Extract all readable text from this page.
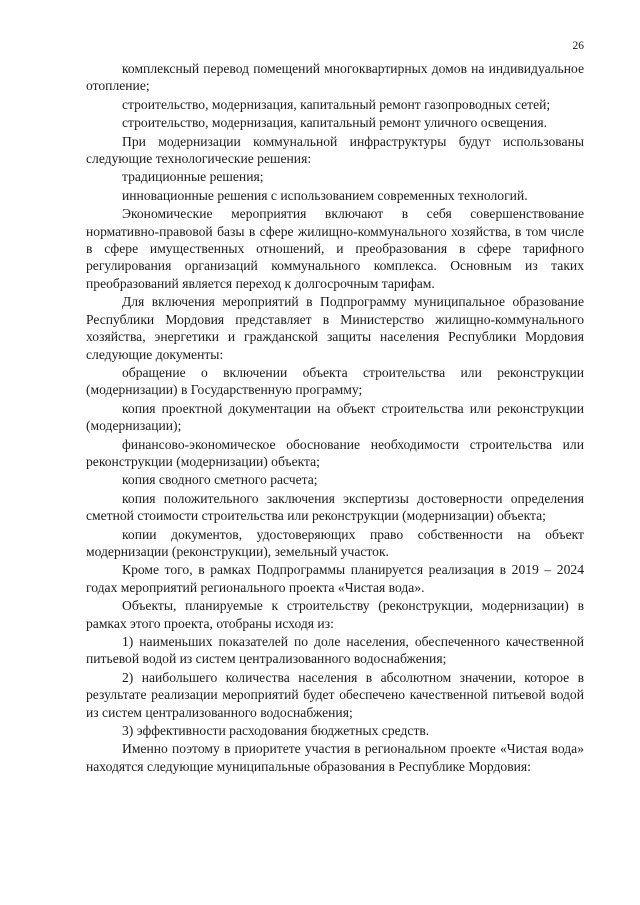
26

комплексный перевод помещений многоквартирных домов на индивидуальное отопление;

строительство, модернизация, капитальный ремонт газопроводных сетей;

строительство, модернизация, капитальный ремонт уличного освещения.

При модернизации коммунальной инфраструктуры будут использованы следующие технологические решения:

традиционные решения;

инновационные решения с использованием современных технологий.

Экономические мероприятия включают в себя совершенствование нормативно-правовой базы в сфере жилищно-коммунального хозяйства, в том числе в сфере имущественных отношений, и преобразования в сфере тарифного регулирования организаций коммунального комплекса. Основным из таких преобразований является переход к долгосрочным тарифам.

Для включения мероприятий в Подпрограмму муниципальное образование Республики Мордовия представляет в Министерство жилищно-коммунального хозяйства, энергетики и гражданской защиты населения Республики Мордовия следующие документы:

обращение о включении объекта строительства или реконструкции (модернизации) в Государственную программу;

копия проектной документации на объект строительства или реконструкции (модернизации);

финансово-экономическое обоснование необходимости строительства или реконструкции (модернизации) объекта;

копия сводного сметного расчета;

копия положительного заключения экспертизы достоверности определения сметной стоимости строительства или реконструкции (модернизации) объекта;

копии документов, удостоверяющих право собственности на объект модернизации (реконструкции), земельный участок.

Кроме того, в рамках Подпрограммы планируется реализация в 2019 – 2024 годах мероприятий регионального проекта «Чистая вода».

Объекты, планируемые к строительству (реконструкции, модернизации) в рамках этого проекта, отобраны исходя из:

1) наименьших показателей по доле населения, обеспеченного качественной питьевой водой из систем централизованного водоснабжения;

2) наибольшего количества населения в абсолютном значении, которое в результате реализации мероприятий будет обеспечено качественной питьевой водой из систем централизованного водоснабжения;

3) эффективности расходования бюджетных средств.

Именно поэтому в приоритете участия в региональном проекте «Чистая вода» находятся следующие муниципальные образования в Республике Мордовия:
